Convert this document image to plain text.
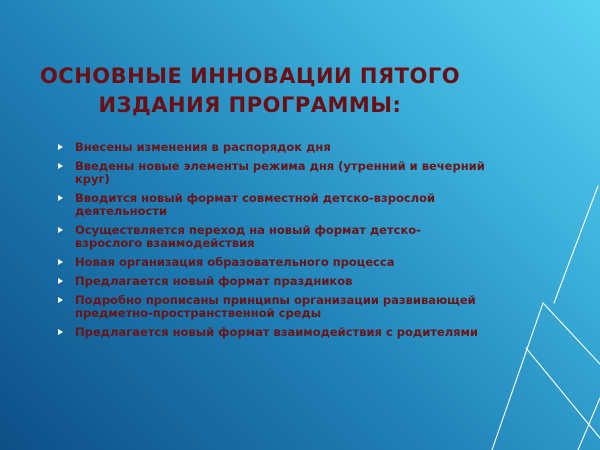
ОСНОВНЫЕ ИННОВАЦИИ ПЯТОГО
ИЗДАНИЯ ПРОГРАММЫ:
Внесены изменения в распорядок дня
Введены новые элементы режима дня (утренний и вечерний круг)
Вводится новый формат совместной детско-взрослой деятельности
Осуществляется переход на новый формат детско-взрослого взаимодействия
Новая организация образовательного процесса
Предлагается новый формат праздников
Подробно прописаны принципы организации развивающей предметно-пространственной среды
Предлагается новый формат взаимодействия с родителями
